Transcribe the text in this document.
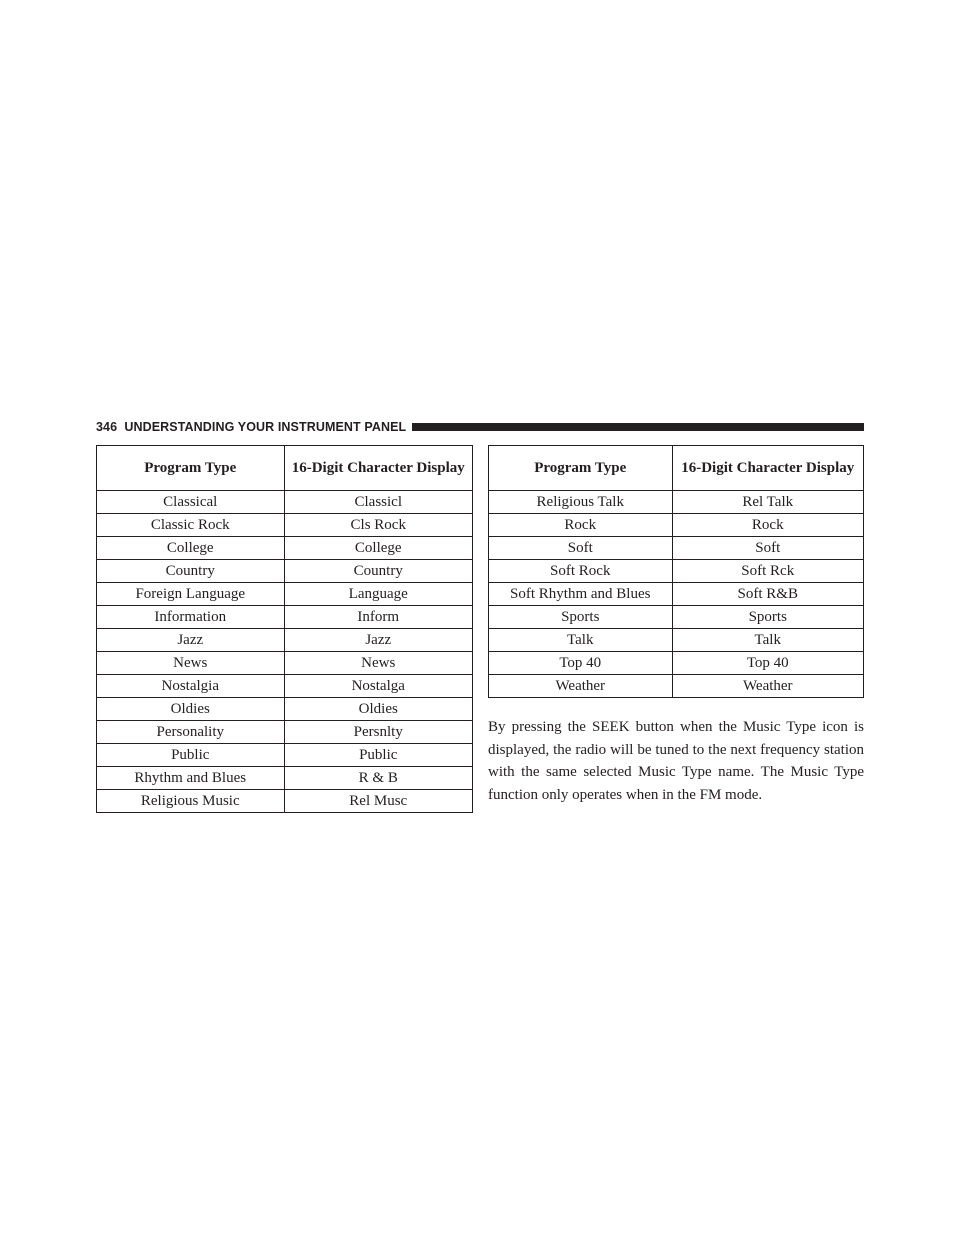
346 UNDERSTANDING YOUR INSTRUMENT PANEL
Program Type	16-Digit Character Display
Classical	Classicl
Classic Rock	Cls Rock
College	College
Country	Country
Foreign Language	Language
Information	Inform
Jazz	Jazz
News	News
Nostalgia	Nostalga
Oldies	Oldies
Personality	Persnlty
Public	Public
Rhythm and Blues	R & B
Religious Music	Rel Musc
Program Type	16-Digit Character Display
Religious Talk	Rel Talk
Rock	Rock
Soft	Soft
Soft Rock	Soft Rck
Soft Rhythm and Blues	Soft R&B
Sports	Sports
Talk	Talk
Top 40	Top 40
Weather	Weather

By pressing the SEEK button when the Music Type icon is displayed, the radio will be tuned to the next frequency station with the same selected Music Type name. The Music Type function only operates when in the FM mode.
